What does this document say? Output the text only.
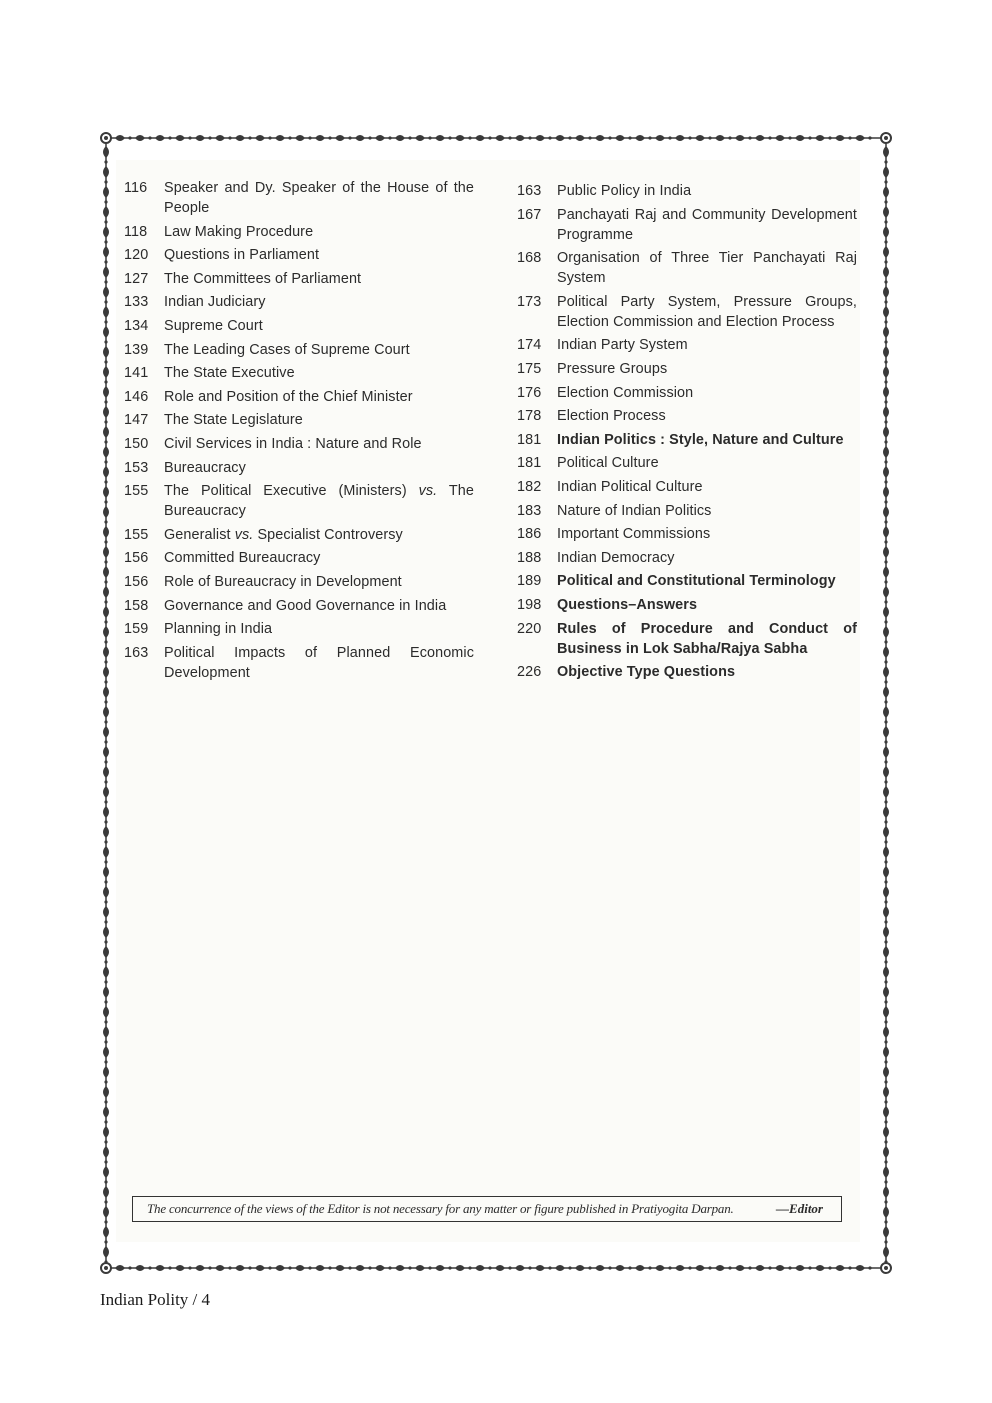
116	Speaker and Dy. Speaker of the House of the People
118	Law Making Procedure
120	Questions in Parliament
127	The Committees of Parliament
133	Indian Judiciary
134	Supreme Court
139	The Leading Cases of Supreme Court
141	The State Executive
146	Role and Position of the Chief Minister
147	The State Legislature
150	Civil Services in India : Nature and Role
153	Bureaucracy
155	The Political Executive (Ministers) vs. The Bureaucracy
155	Generalist vs. Specialist Controversy
156	Committed Bureaucracy
156	Role of Bureaucracy in Development
158	Governance and Good Governance in India
159	Planning in India
163	Political Impacts of Planned Economic Development
163	Public Policy in India
167	Panchayati Raj and Community Development Programme
168	Organisation of Three Tier Panchayati Raj System
173	Political Party System, Pressure Groups, Election Commission and Election Process
174	Indian Party System
175	Pressure Groups
176	Election Commission
178	Election Process
181	Indian Politics : Style, Nature and Culture
181	Political Culture
182	Indian Political Culture
183	Nature of Indian Politics
186	Important Commissions
188	Indian Democracy
189	Political and Constitutional Terminology
198	Questions–Answers
220	Rules of Procedure and Conduct of Business in Lok Sabha/Rajya Sabha
226	Objective Type Questions
The concurrence of the views of the Editor is not necessary for any matter or figure published in Pratiyogita Darpan.	—Editor
Indian Polity / 4
